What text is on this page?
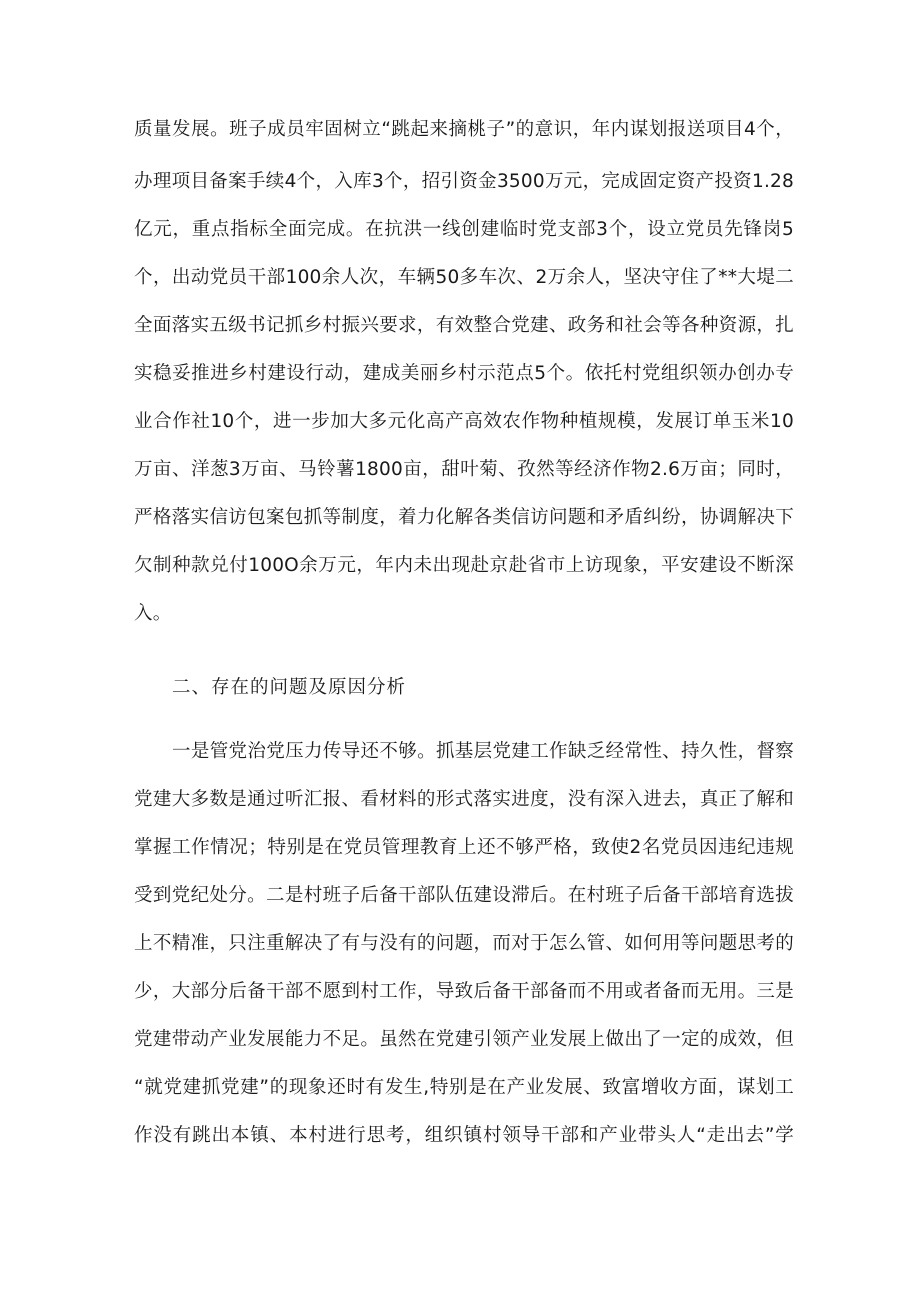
质量发展。班子成员牢固树立“跳起来摘桃子”的意识，年内谋划报送项目4个，
办理项目备案手续4个，入库3个，招引资金3500万元，完成固定资产投资1.28
亿元，重点指标全面完成。在抗洪一线创建临时党支部3个，设立党员先锋岗5
个，出动党员干部100余人次，车辆50多车次、2万余人，坚决守住了**大堤二
全面落实五级书记抓乡村振兴要求，有效整合党建、政务和社会等各种资源，扎
实稳妥推进乡村建设行动，建成美丽乡村示范点5个。依托村党组织领办创办专
业合作社10个，进一步加大多元化高产高效农作物种植规模，发展订单玉米10
万亩、洋葱3万亩、马铃薯1800亩，甜叶菊、孜然等经济作物2.6万亩；同时，
严格落实信访包案包抓等制度，着力化解各类信访问题和矛盾纠纷，协调解决下
欠制种款兑付100O余万元，年内未出现赴京赴省市上访现象，平安建设不断深
入。
二、存在的问题及原因分析
一是管党治党压力传导还不够。抓基层党建工作缺乏经常性、持久性，督察
党建大多数是通过听汇报、看材料的形式落实进度，没有深入进去，真正了解和
掌握工作情况；特别是在党员管理教育上还不够严格，致使2名党员因违纪违规
受到党纪处分。二是村班子后备干部队伍建设滞后。在村班子后备干部培育选拔
上不精准，只注重解决了有与没有的问题，而对于怎么管、如何用等问题思考的
少，大部分后备干部不愿到村工作，导致后备干部备而不用或者备而无用。三是
党建带动产业发展能力不足。虽然在党建引领产业发展上做出了一定的成效，但
“就党建抓党建”的现象还时有发生,特别是在产业发展、致富增收方面，谋划工
作没有跳出本镇、本村进行思考，组织镇村领导干部和产业带头人“走出去”学
